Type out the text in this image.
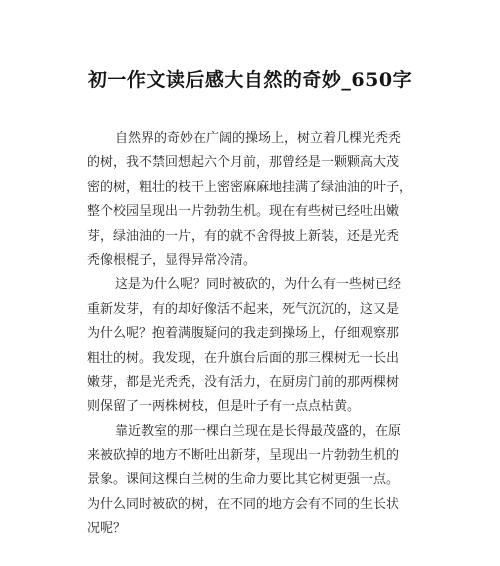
初一作文读后感大自然的奇妙_650字
自然界的奇妙在广阔的操场上，树立着几棵光秃秃
的树，我不禁回想起六个月前，那曾经是一颗颗高大茂
密的树，粗壮的枝干上密密麻麻地挂满了绿油油的叶子，
整个校园呈现出一片勃勃生机。现在有些树已经吐出嫩
芽，绿油油的一片，有的就不舍得披上新装，还是光秃
秃像根棍子，显得异常冷清。
这是为什么呢？同时被砍的，为什么有一些树已经
重新发芽，有的却好像活不起来，死气沉沉的，这又是
为什么呢？抱着满腹疑问的我走到操场上，仔细观察那
粗壮的树。我发现，在升旗台后面的那三棵树无一长出
嫩芽，都是光秃秃，没有活力，在厨房门前的那两棵树
则保留了一两株树枝，但是叶子有一点点枯黄。
靠近教室的那一棵白兰现在是长得最茂盛的，在原
来被砍掉的地方不断吐出新芽，呈现出一片勃勃生机的
景象。课间这棵白兰树的生命力要比其它树更强一点。
为什么同时被砍的树，在不同的地方会有不同的生长状
况呢？
